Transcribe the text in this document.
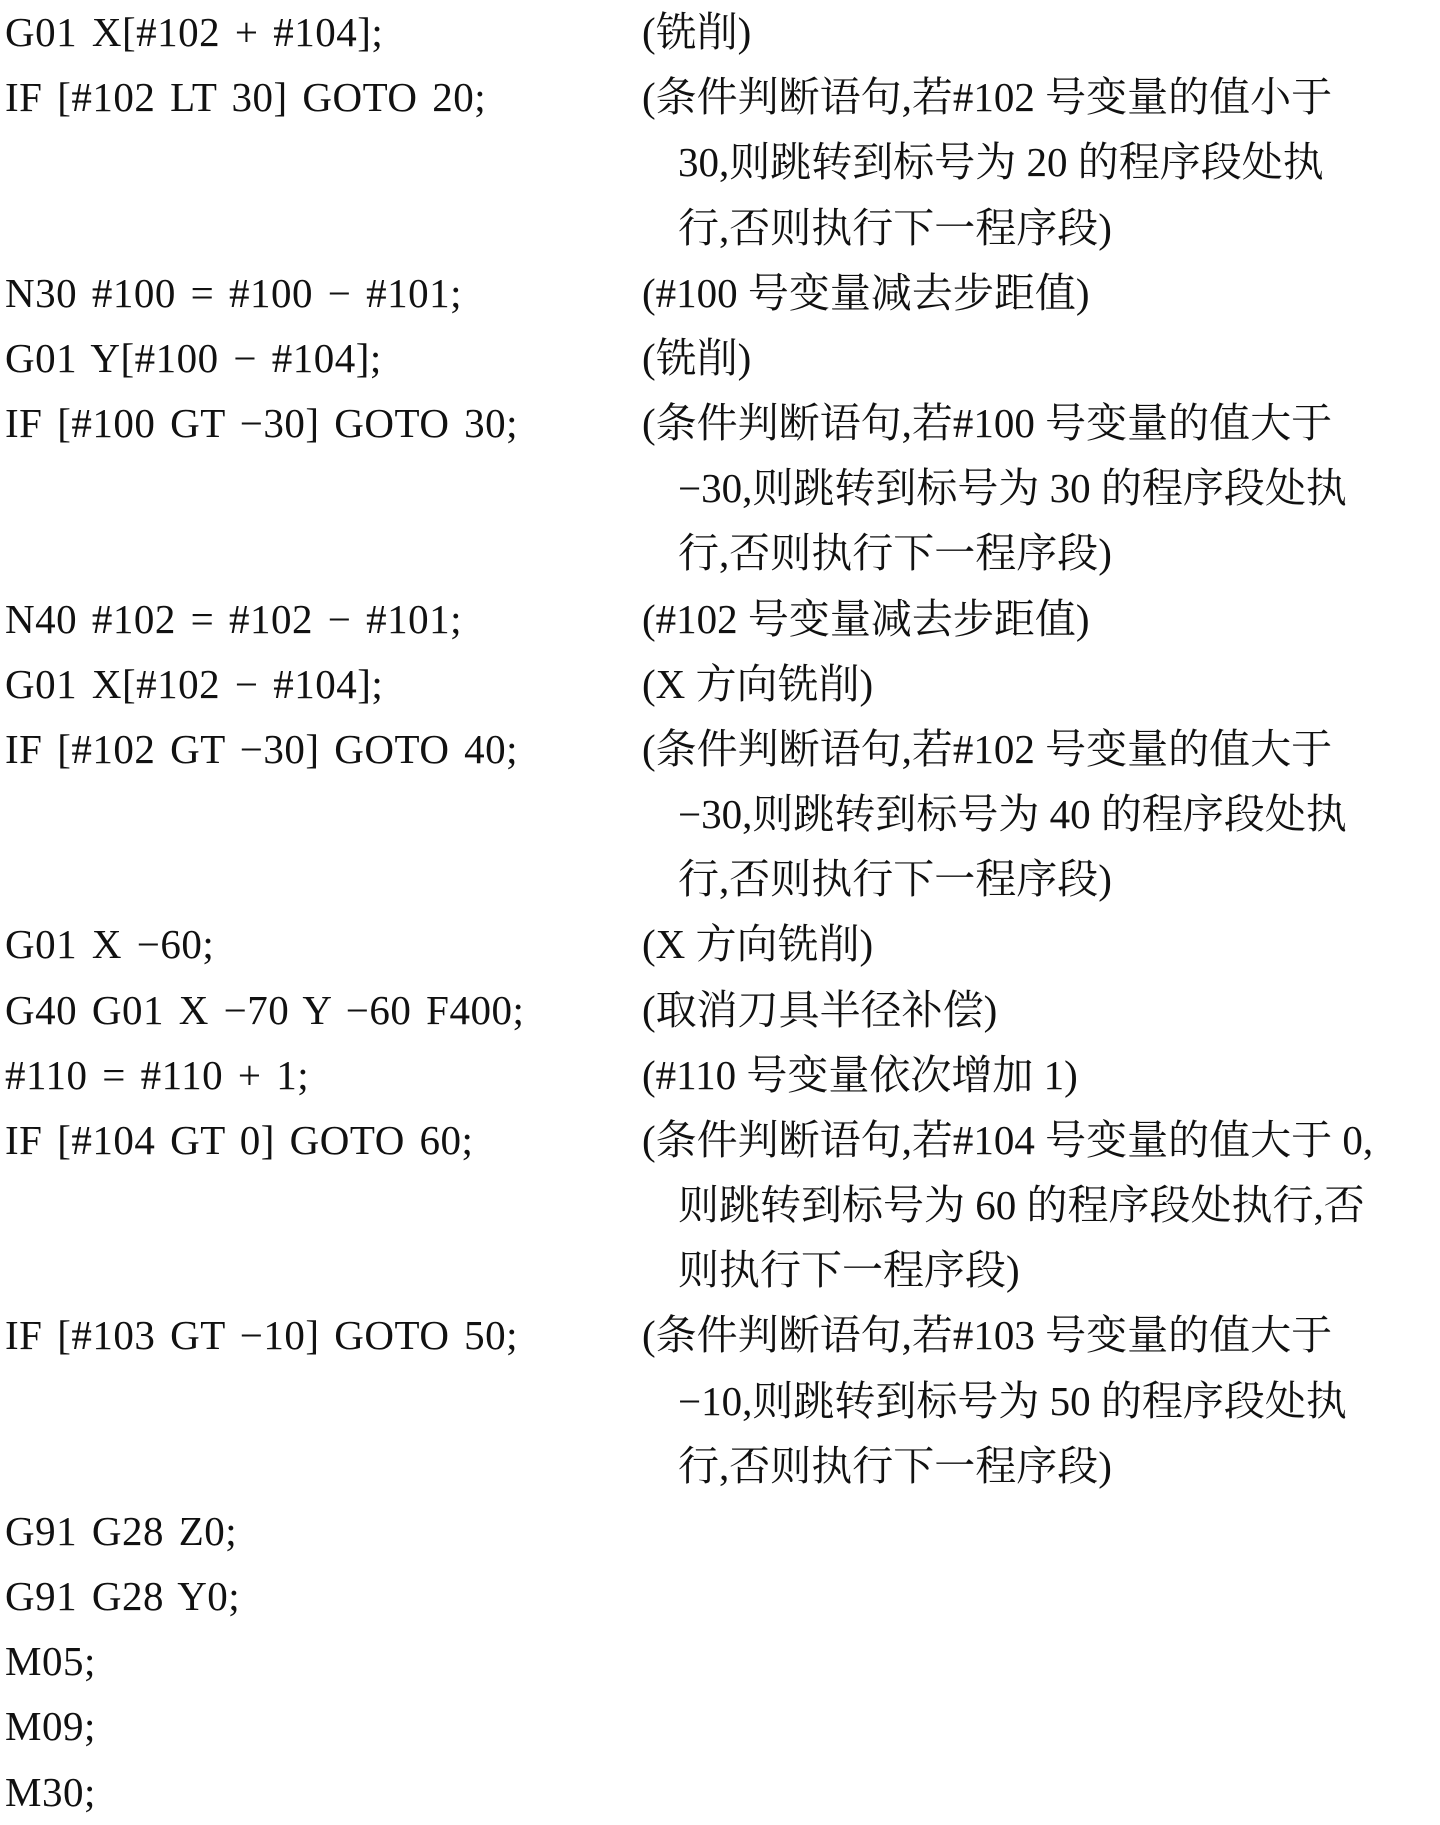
G01 X[#102 + #104];	(铣削)
IF [#102 LT 30] GOTO 20;	(条件判断语句,若#102 号变量的值小于
30,则跳转到标号为 20 的程序段处执
行,否则执行下一程序段)
N30 #100 = #100 − #101;	(#100 号变量减去步距值)
G01 Y[#100 − #104];	(铣削)
IF [#100 GT −30] GOTO 30;	(条件判断语句,若#100 号变量的值大于
−30,则跳转到标号为 30 的程序段处执
行,否则执行下一程序段)
N40 #102 = #102 − #101;	(#102 号变量减去步距值)
G01 X[#102 − #104];	(X 方向铣削)
IF [#102 GT −30] GOTO 40;	(条件判断语句,若#102 号变量的值大于
−30,则跳转到标号为 40 的程序段处执
行,否则执行下一程序段)
G01 X −60;	(X 方向铣削)
G40 G01 X −70 Y −60 F400;	(取消刀具半径补偿)
#110 = #110 + 1;	(#110 号变量依次增加 1)
IF [#104 GT 0] GOTO 60;	(条件判断语句,若#104 号变量的值大于 0,
则跳转到标号为 60 的程序段处执行,否
则执行下一程序段)
IF [#103 GT −10] GOTO 50;	(条件判断语句,若#103 号变量的值大于
−10,则跳转到标号为 50 的程序段处执
行,否则执行下一程序段)
G91 G28 Z0;
G91 G28 Y0;
M05;
M09;
M30;
